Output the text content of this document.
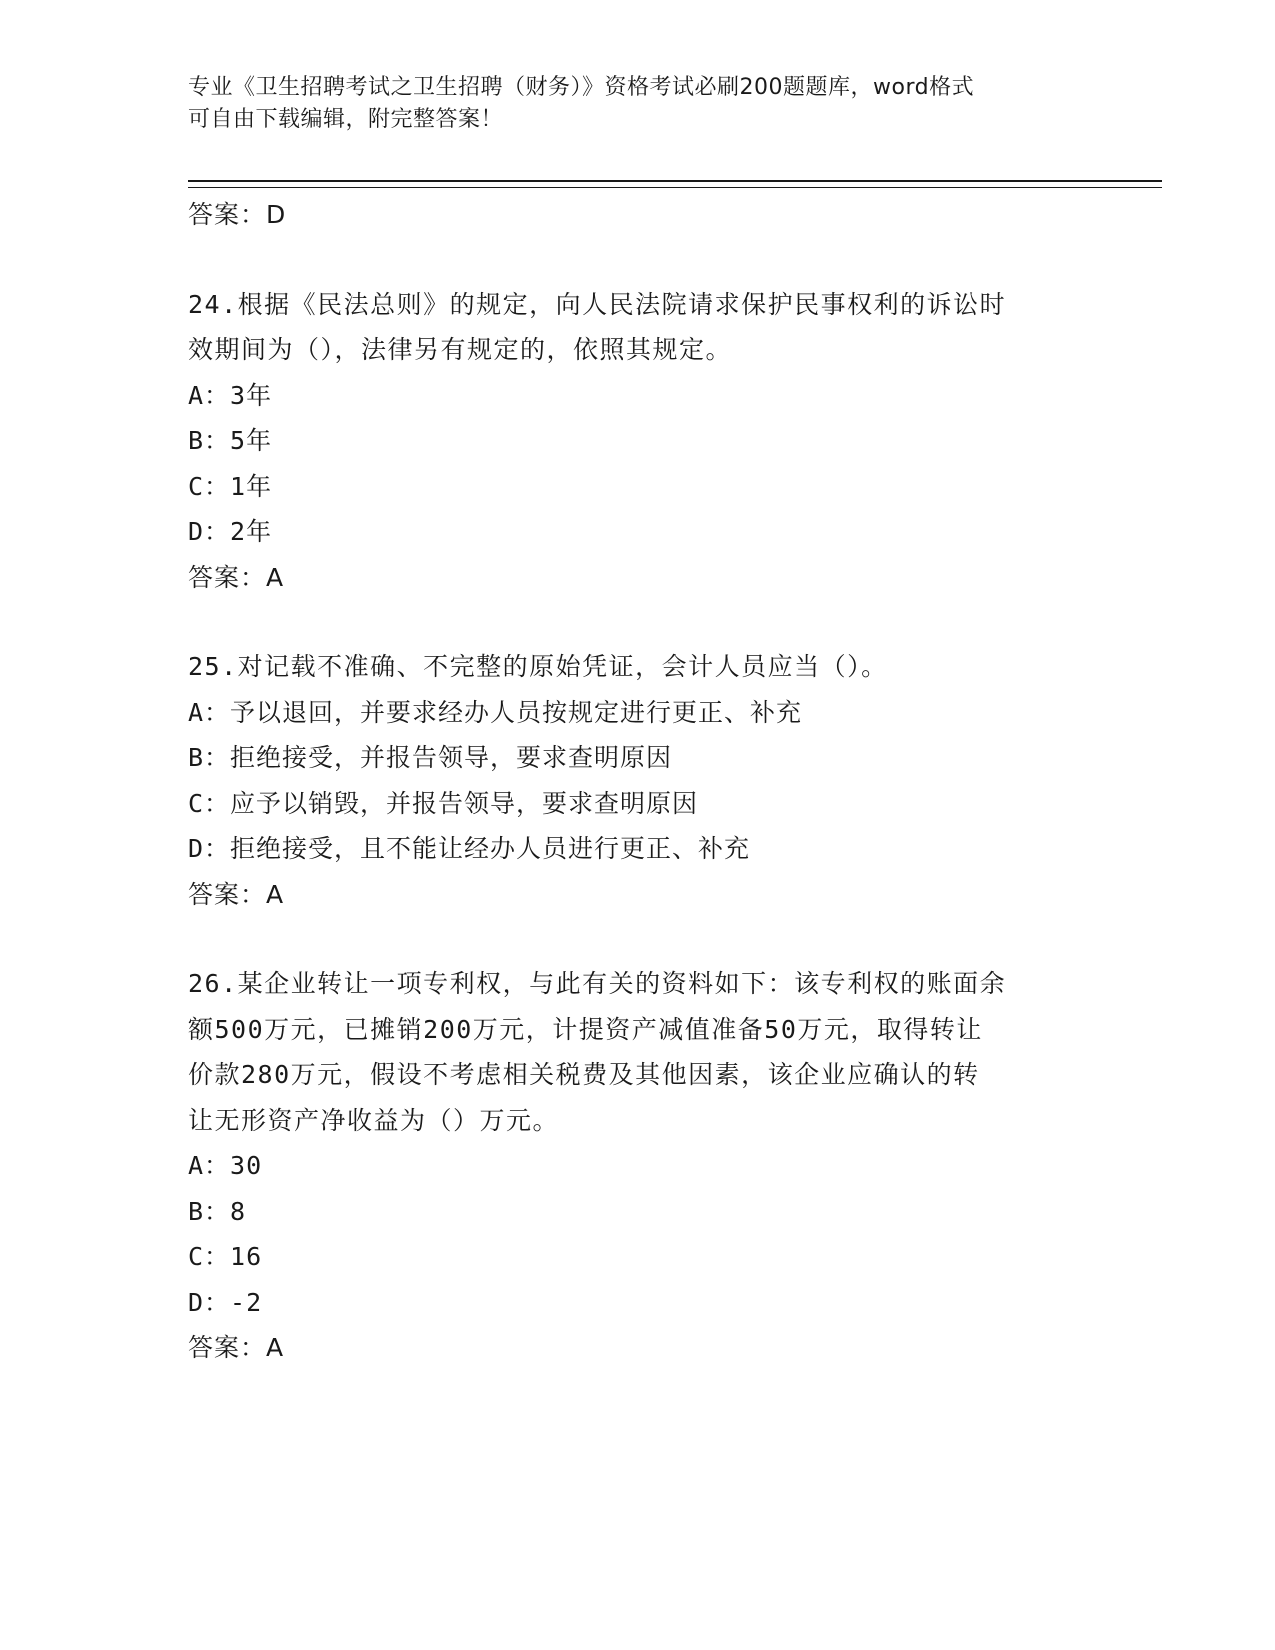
专业《卫生招聘考试之卫生招聘（财务）》资格考试必刷200题题库，word格式
可自由下载编辑，附完整答案！
答案：D
24.根据《民法总则》的规定，向人民法院请求保护民事权利的诉讼时
效期间为（），法律另有规定的，依照其规定。
A：3年
B：5年
C：1年
D：2年
答案：A
25.对记载不准确、不完整的原始凭证，会计人员应当（）。
A：予以退回，并要求经办人员按规定进行更正、补充
B：拒绝接受，并报告领导，要求查明原因
C：应予以销毁，并报告领导，要求查明原因
D：拒绝接受，且不能让经办人员进行更正、补充
答案：A
26.某企业转让一项专利权，与此有关的资料如下：该专利权的账面余
额500万元，已摊销200万元，计提资产减值准备50万元，取得转让
价款280万元，假设不考虑相关税费及其他因素，该企业应确认的转
让无形资产净收益为（）万元。
A：30
B：8
C：16
D：-2
答案：A
